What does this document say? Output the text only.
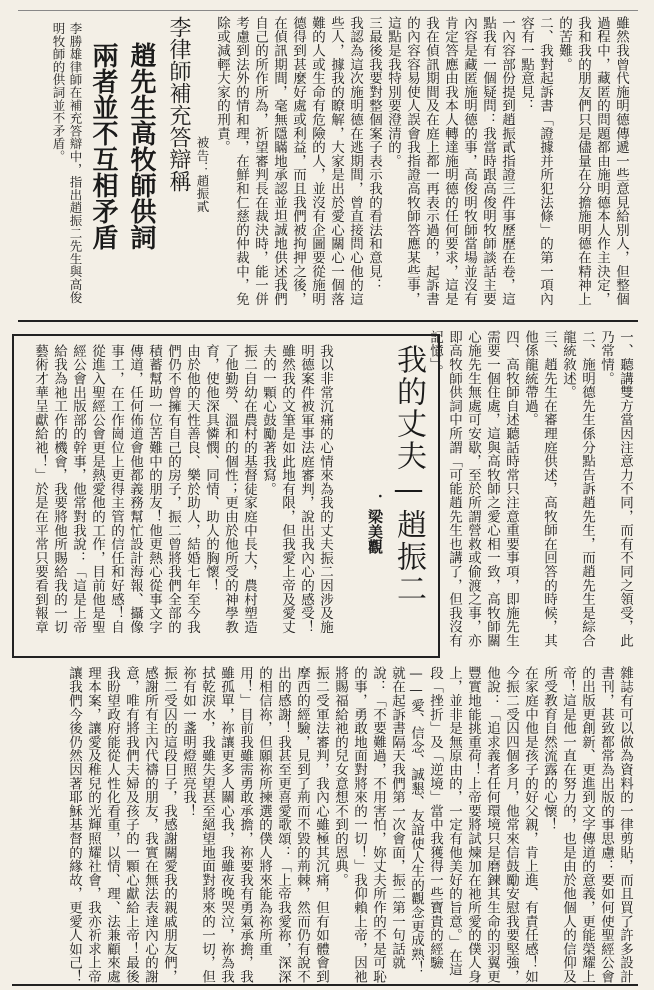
雖然我曾代施明德傳遞一些意見給別人，但整個過程中，藏匿的問題都由施明德本人作主決定，我和我的朋友們只是儘量在分擔施明德在精神上的苦難。

二、我對起訴書「證據并所犯法條」的第一項內容有一點意見：

一內容部份提到趙振貳指證三件事歷歷在卷，這點我有一個疑問：我當時跟高俊明牧師談話主要內容是藏匿施明德的事，高俊明牧師當場並沒有肯定答應由我本人轉達施明德的任何要求，這是我在偵訊期間及在庭上都一再表示過的，起訴書的內容容易使人誤會我指證高牧師答應某些事，這點是我特別要澄清的。

三最後我要對整個案子表示我的看法和意見：

我認為這次施明德在逃期間，曾直接問心他的這些人，據我的瞭解，大家是出於愛心關心一個落難的人或生命有危險的人，並沒有企圖要從施明德得到甚麼好處或利益，而且我們被拘押之後，在偵訊期間，毫無隱瞞地承認並坦誠地供述我們自己的所作所為，祈望審判長在裁決時，能一併考慮到法外的情和理，在鮮和仁慈的仲裁中，免除或減輕大家的刑責。

被告：趙振貳

李律師補充答辯稱
趙先生高牧師供詞
兩者並不互相矛盾
李勝雄律師在補充答辯中，指出趙振二先生與高俊明牧師的供詞並不矛盾。

一、聽講雙方當因注意力不同，而有不同之領受，此乃常情。

二、施明德先生係分點告訴趙先生，而趙先生是綜合龍統敘述。

三、趙先生在審理庭供述，高牧師在回答的時候，其他係龍統帶過。

四、高牧師自述聽話時常只注意重要事項，即施先生需要一個住處，這與高牧師之愛心相一致，高牧師關心施先生無處可安歇，至於所謂營救或偷渡之事，亦即高牧師供詞中所謂「可能趙先生也講了，但我沒有記憶」。

我的丈夫—趙振二
．梁美觀

我以非常沉痛的心情來為我的丈夫振二因涉及施明德案件被軍事法庭審判，說出我內心的感受！雖然我的文筆是如此地有限，但我愛上帝及愛丈夫的一顆心鼓勵著我寫。

振二自幼在農村的基督徒家庭中長大，農村塑造了他勤勞、溫和的個性；更由於他所受的神學教育，使他深具憐憫、同情、助人的胸懷！

由於他的天性善良、樂於助人，結婚七年至今我們仍不曾擁有自己的房子，振二曾將我們全部的積蓄幫助一位苦難中的朋友！他更熱心從事文字傳道，任何佈道會他都義務幫忙設計海報、攝像事工，在工作崗位上更得主管的信任和好感！自從進入聖經公會更是熱愛他的工作，目前他是聖經公會出版部的幹事，他常對我說：「這是上帝給我為祂工作的機會，我要將他所賜給我的一切藝術才華呈獻給祂！」於是在平常只要看到報章

雜誌有可以做為資料的一律剪貼，而且買了許多設計書刊，甚致都常為出版的事思慮：要如何使聖經公會的出版更創新、更進到文字傳道的意義，更能榮耀上帝！這是他一直在努力的，也是由於他個人的信仰及所受教育自然流露的心懷！

在家庭中他是孩子的好父親，肯上進、有責任感！如今振二受囚四個多月，他常來信鼓勵安慰我要堅強，他說：「追求義者任何環境只是磨鍊其生命的羽翼更豐實地能挑重荷！上帝要將試煉加在祂所愛的僕人身上，並非是無原由的，一定有他美好的旨意。」在這段「挫折」及「逆境」當中我獲得一些寶貴的經驗——愛、信念、誠懇、友誼使人生的觀念更成熟！就在起訴書隔天我們第一次會面，振二第一句話就說：「不要難過，不用害怕，妳丈夫所作的不是可恥的事，勇敢地面對將來的一切！」我仰賴上帝，因祂將賜福給祂的兒女意想不到的恩典。

振二受軍法審判，我內心雖極其沉痛，但有如體會到摩西的經驗，見到了荊而不毀的荊棘，然而仍有說不出的感謝！我甚至更喜愛歌頌：「上帝我愛祢，深深的相信祢，但願祢所揀選的僕人將來能為祢所重用！」目前我雖需勇敢承擔，祢要我有勇氣承擔，我雖孤單，祢讓更多人關心我，我雖夜晚哭泣，祢為我拭乾淚水，我雖失望甚至絕望地面對將來的一切，但祢有如一盞明燈照亮我！

振二受囚的這段日子，我感謝關愛我的親戚朋友們，感謝所有主內代禱的朋友，我實在無法表達內心的謝意，唯有將我們夫婦及孩子的一顆心獻給上帝！最後我盼望政府能從人性化看重，以情、理、法兼顧來處理本案，讓愛及稚兒的光輝照耀社會，我亦祈求上帝讓我們今後仍然因著耶穌基督的緣故，更愛人如己！
